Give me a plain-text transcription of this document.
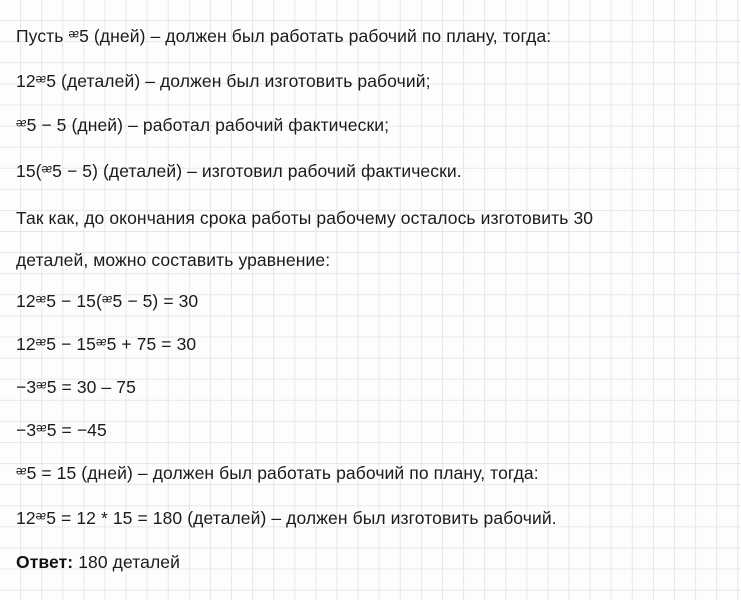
Пусть ᵆ5 (дней) – должен был работать рабочий по плану, тогда:

12ᵆ5 (деталей) – должен был изготовить рабочий;

ᵆ5 − 5 (дней) – работал рабочий фактически;

15(ᵆ5 − 5) (деталей) – изготовил рабочий фактически.

Так как, до окончания срока работы рабочему осталось изготовить 30

деталей, можно составить уравнение:

12ᵆ5 − 15(ᵆ5 − 5) = 30

12ᵆ5 − 15ᵆ5 + 75 = 30

−3ᵆ5 = 30 – 75

−3ᵆ5 = −45

ᵆ5 = 15 (дней) – должен был работать рабочий по плану, тогда:

12ᵆ5 = 12 * 15 = 180 (деталей) – должен был изготовить рабочий.

Ответ: 180 деталей
